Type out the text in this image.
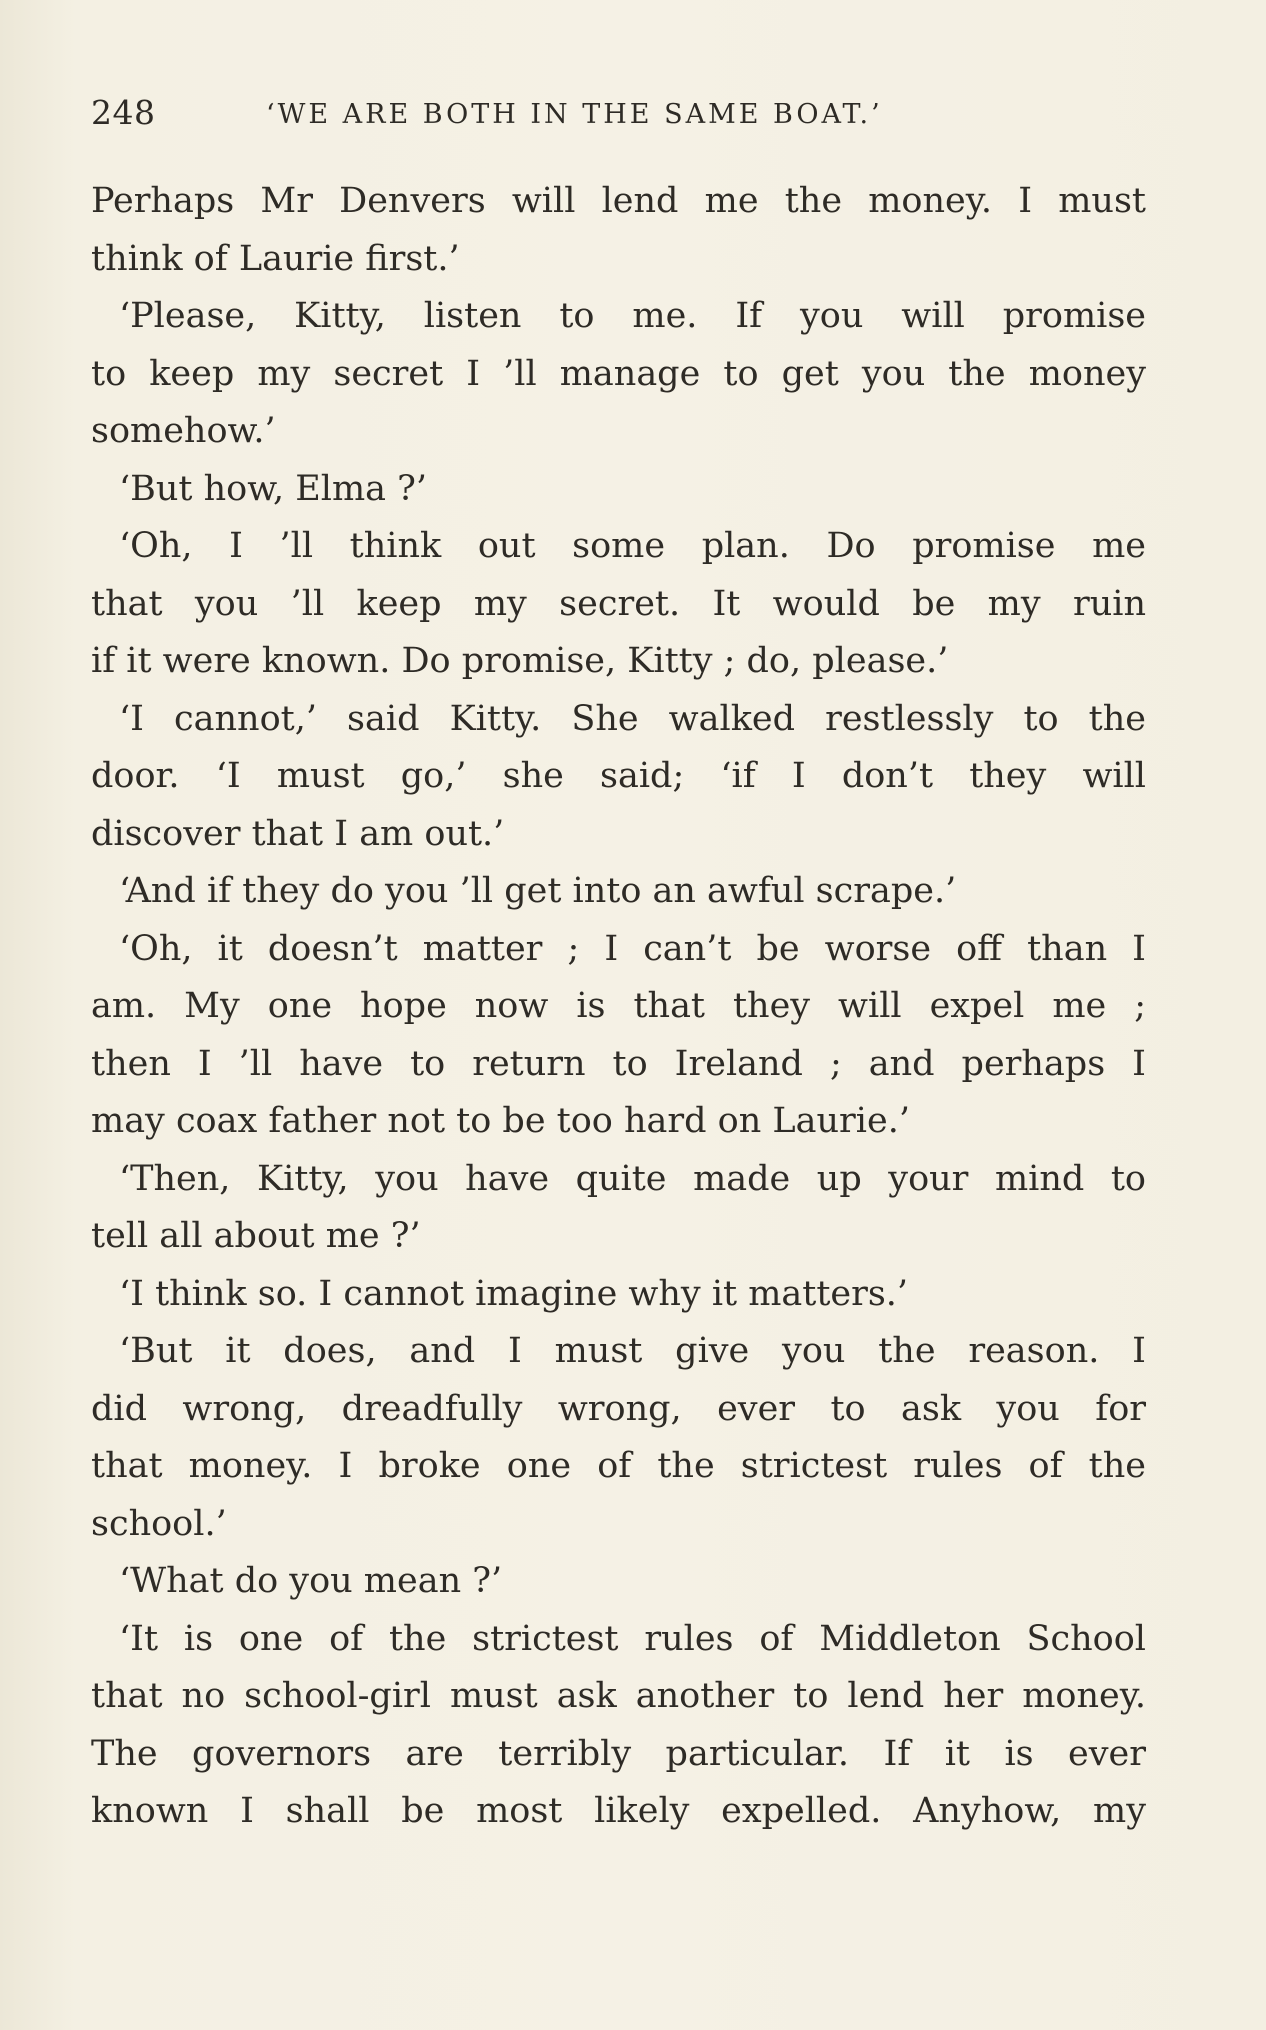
248	‘WE ARE BOTH IN THE SAME BOAT.’
Perhaps Mr Denvers will lend me the money. I must
think of Laurie first.’
‘Please, Kitty, listen to me. If you will promise
to keep my secret I ’ll manage to get you the money
somehow.’
‘But how, Elma ?’
‘Oh, I ’ll think out some plan. Do promise me
that you ’ll keep my secret. It would be my ruin
if it were known. Do promise, Kitty ; do, please.’
‘I cannot,’ said Kitty. She walked restlessly to the
door. ‘I must go,’ she said; ‘if I don’t they will
discover that I am out.’
‘And if they do you ’ll get into an awful scrape.’
‘Oh, it doesn’t matter ; I can’t be worse off than I
am. My one hope now is that they will expel me ;
then I ’ll have to return to Ireland ; and perhaps I
may coax father not to be too hard on Laurie.’
‘Then, Kitty, you have quite made up your mind to
tell all about me ?’
‘I think so. I cannot imagine why it matters.’
‘But it does, and I must give you the reason. I
did wrong, dreadfully wrong, ever to ask you for
that money. I broke one of the strictest rules of the
school.’
‘What do you mean ?’
‘It is one of the strictest rules of Middleton School
that no school-girl must ask another to lend her money.
The governors are terribly particular. If it is ever
known I shall be most likely expelled. Anyhow, my
